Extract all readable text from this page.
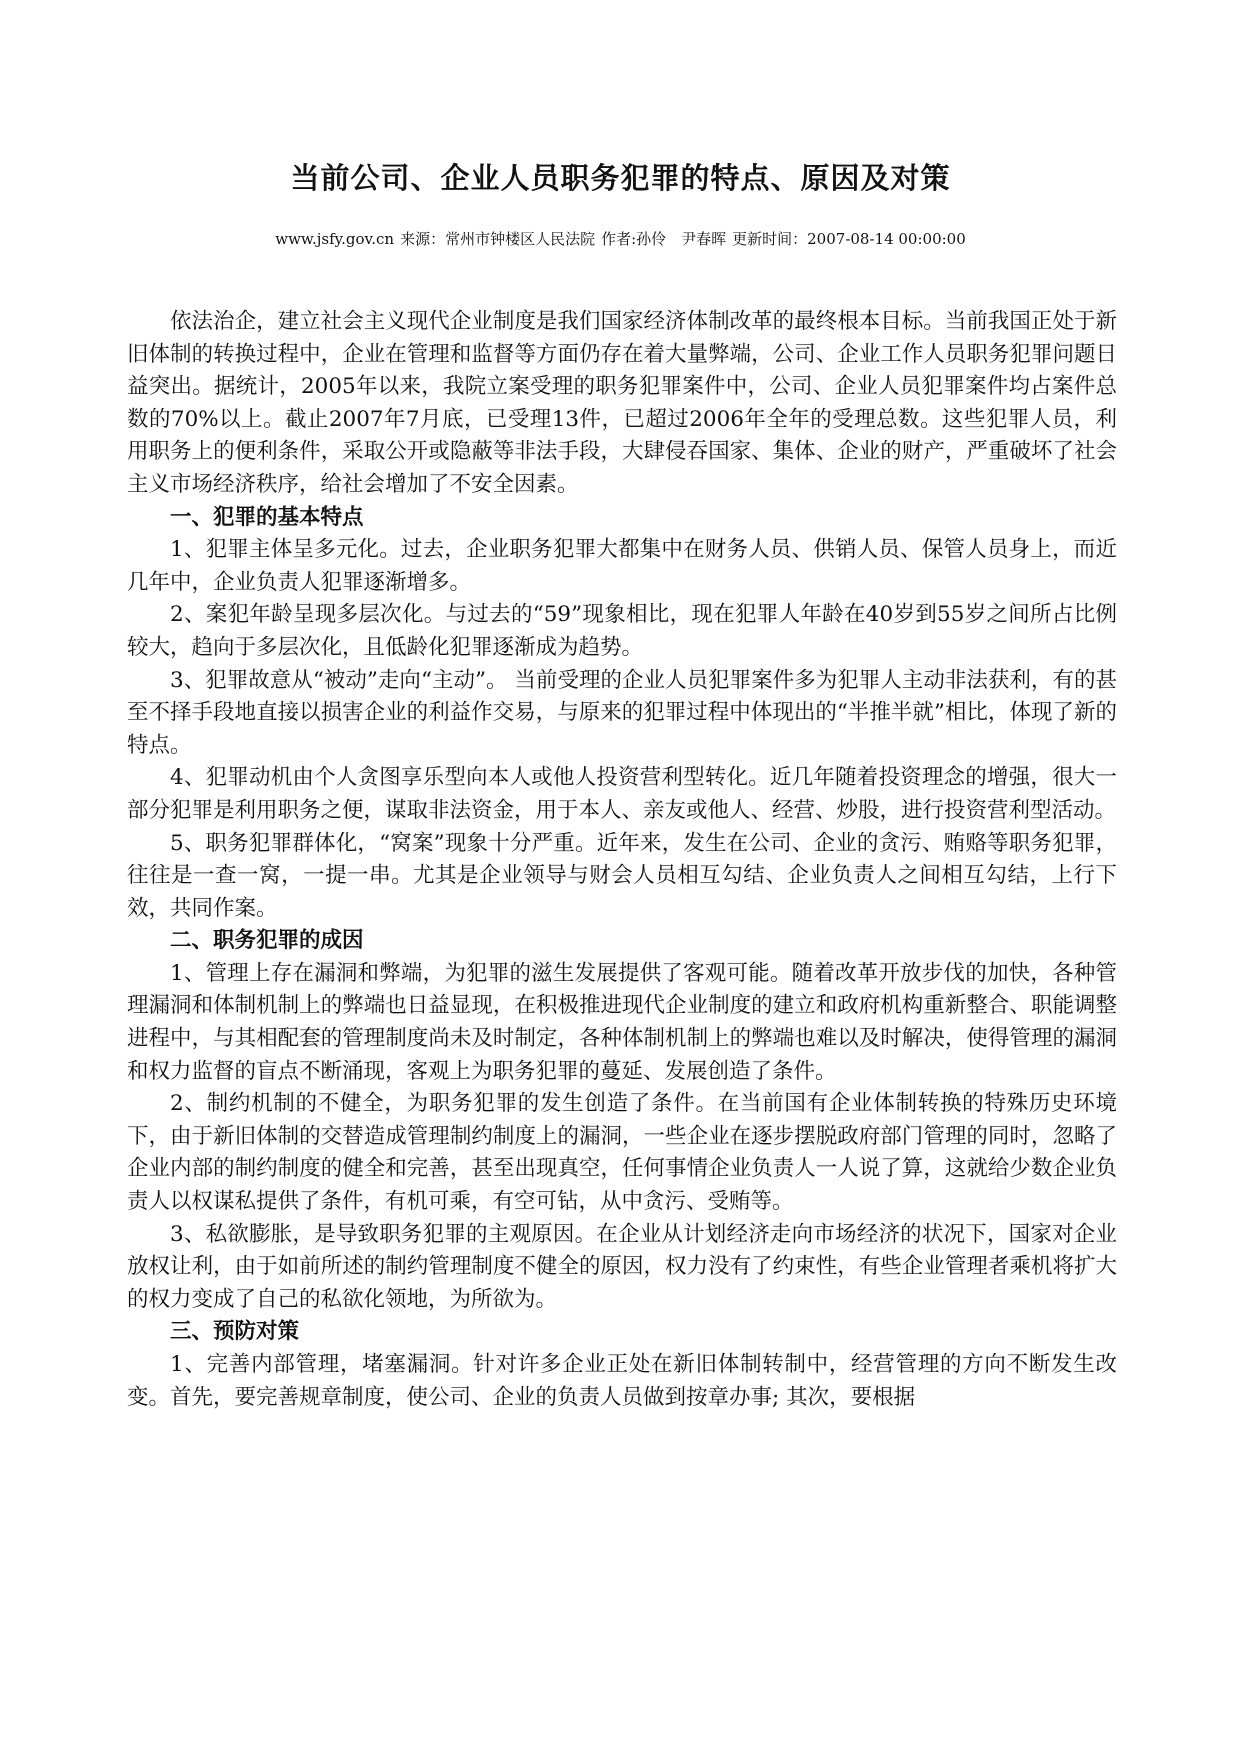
当前公司、企业人员职务犯罪的特点、原因及对策
www.jsfy.gov.cn 来源：常州市钟楼区人民法院 作者:孙伶　尹春晖 更新时间：2007-08-14 00:00:00

依法治企，建立社会主义现代企业制度是我们国家经济体制改革的最终根本目标。当前我国正处于新旧体制的转换过程中，企业在管理和监督等方面仍存在着大量弊端，公司、企业工作人员职务犯罪问题日益突出。据统计，2005年以来，我院立案受理的职务犯罪案件中，公司、企业人员犯罪案件均占案件总数的70%以上。截止2007年7月底，已受理13件，已超过2006年全年的受理总数。这些犯罪人员，利用职务上的便利条件，采取公开或隐蔽等非法手段，大肆侵吞国家、集体、企业的财产，严重破坏了社会主义市场经济秩序，给社会增加了不安全因素。

一、犯罪的基本特点

1、犯罪主体呈多元化。过去，企业职务犯罪大都集中在财务人员、供销人员、保管人员身上，而近几年中，企业负责人犯罪逐渐增多。

2、案犯年龄呈现多层次化。与过去的“59”现象相比，现在犯罪人年龄在40岁到55岁之间所占比例较大，趋向于多层次化，且低龄化犯罪逐渐成为趋势。

3、犯罪故意从“被动”走向“主动”。 当前受理的企业人员犯罪案件多为犯罪人主动非法获利，有的甚至不择手段地直接以损害企业的利益作交易，与原来的犯罪过程中体现出的“半推半就”相比，体现了新的特点。

4、犯罪动机由个人贪图享乐型向本人或他人投资营利型转化。近几年随着投资理念的增强，很大一部分犯罪是利用职务之便，谋取非法资金，用于本人、亲友或他人、经营、炒股，进行投资营利型活动。

5、职务犯罪群体化，“窝案”现象十分严重。近年来，发生在公司、企业的贪污、贿赂等职务犯罪，往往是一查一窝，一提一串。尤其是企业领导与财会人员相互勾结、企业负责人之间相互勾结，上行下效，共同作案。

二、职务犯罪的成因

1、管理上存在漏洞和弊端，为犯罪的滋生发展提供了客观可能。随着改革开放步伐的加快，各种管理漏洞和体制机制上的弊端也日益显现，在积极推进现代企业制度的建立和政府机构重新整合、职能调整进程中，与其相配套的管理制度尚未及时制定，各种体制机制上的弊端也难以及时解决，使得管理的漏洞和权力监督的盲点不断涌现，客观上为职务犯罪的蔓延、发展创造了条件。

2、制约机制的不健全，为职务犯罪的发生创造了条件。在当前国有企业体制转换的特殊历史环境下，由于新旧体制的交替造成管理制约制度上的漏洞，一些企业在逐步摆脱政府部门管理的同时，忽略了企业内部的制约制度的健全和完善，甚至出现真空，任何事情企业负责人一人说了算，这就给少数企业负责人以权谋私提供了条件，有机可乘，有空可钻，从中贪污、受贿等。

3、私欲膨胀，是导致职务犯罪的主观原因。在企业从计划经济走向市场经济的状况下，国家对企业放权让利，由于如前所述的制约管理制度不健全的原因，权力没有了约束性，有些企业管理者乘机将扩大的权力变成了自己的私欲化领地，为所欲为。

三、预防对策

1、完善内部管理，堵塞漏洞。针对许多企业正处在新旧体制转制中，经营管理的方向不断发生改变。首先，要完善规章制度，使公司、企业的负责人员做到按章办事; 其次，要根据
